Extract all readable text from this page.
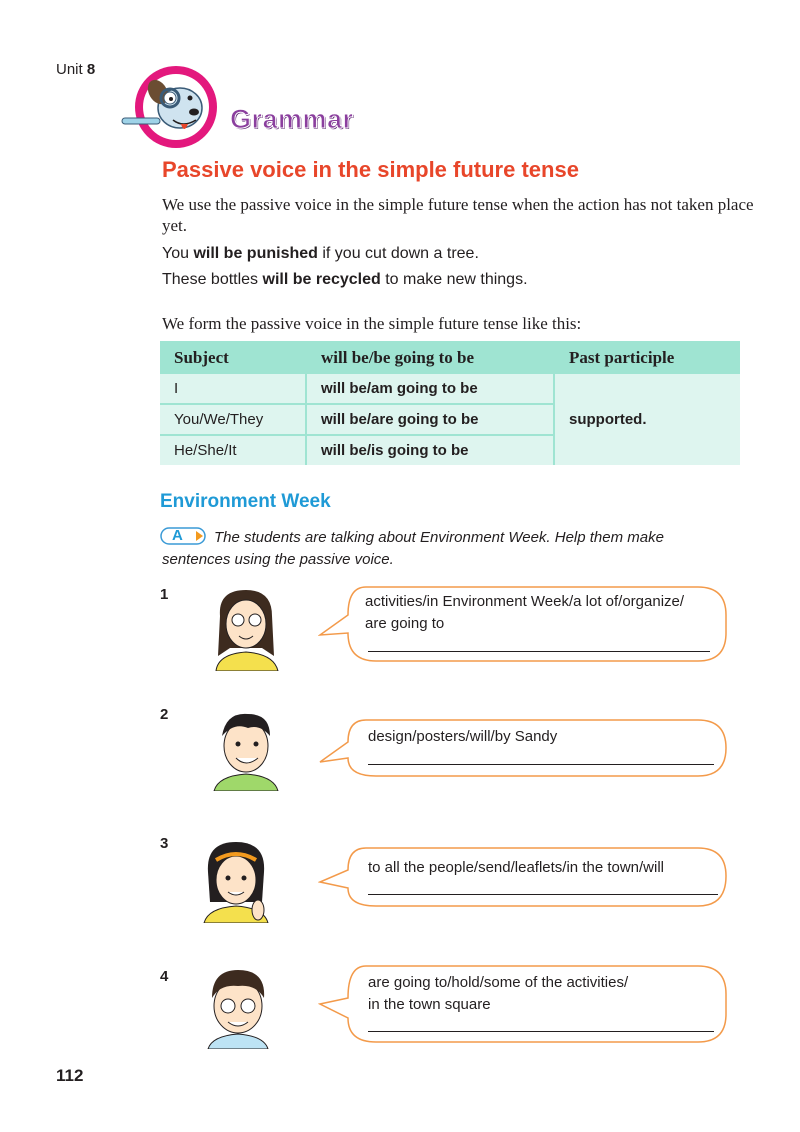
Unit 8
Grammar
Passive voice in the simple future tense
We use the passive voice in the simple future tense when the action has not taken place yet.
You will be punished if you cut down a tree.
These bottles will be recycled to make new things.
We form the passive voice in the simple future tense like this:
Subject	will be/be going to be	Past participle
I	will be/am going to be	supported.
You/We/They	will be/are going to be	
He/She/It	will be/is going to be	
Environment Week
The students are talking about Environment Week. Help them make sentences using the passive voice.
A
1	activities/in Environment Week/a lot of/organize/
are going to
2
design/posters/will/by Sandy
3
to all the people/send/leaflets/in the town/will
4	are going to/hold/some of the activities/
in the town square
112
